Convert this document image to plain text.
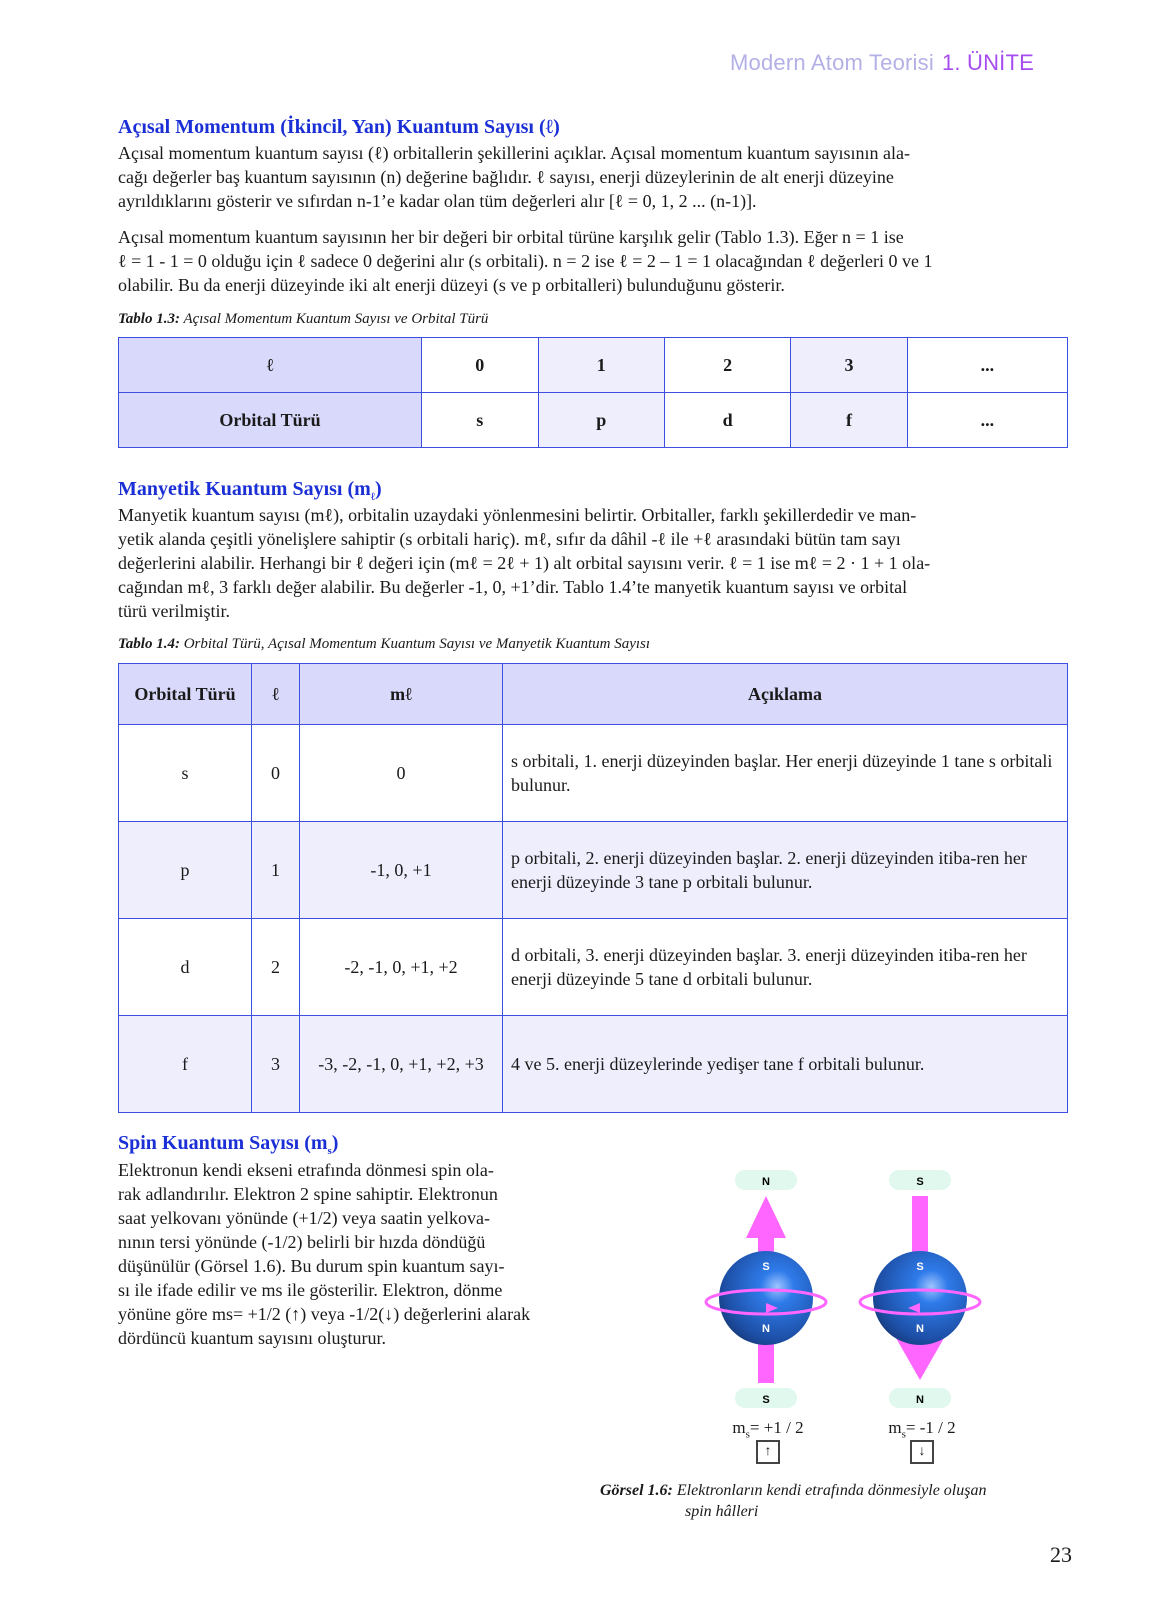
Modern Atom Teorisi 1. ÜNİTE
Açısal Momentum (İkincil, Yan) Kuantum Sayısı (ℓ)
Açısal momentum kuantum sayısı (ℓ) orbitallerin şekillerini açıklar. Açısal momentum kuantum sayısının ala-
cağı değerler baş kuantum sayısının (n) değerine bağlıdır. ℓ sayısı, enerji düzeylerinin de alt enerji düzeyine
ayrıldıklarını gösterir ve sıfırdan n-1’e kadar olan tüm değerleri alır [ℓ = 0, 1, 2 ... (n-1)].
Açısal momentum kuantum sayısının her bir değeri bir orbital türüne karşılık gelir (Tablo 1.3). Eğer n = 1 ise
ℓ = 1 - 1 = 0 olduğu için ℓ sadece 0 değerini alır (s orbitali). n = 2 ise ℓ = 2 – 1 = 1 olacağından ℓ değerleri 0 ve 1
olabilir. Bu da enerji düzeyinde iki alt enerji düzeyi (s ve p orbitalleri) bulunduğunu gösterir.
Tablo 1.3: Açısal Momentum Kuantum Sayısı ve Orbital Türü
ℓ	0	1	2	3	...
Orbital Türü	s	p	d	f	...
Manyetik Kuantum Sayısı $(m_\ell)$
Manyetik kuantum sayısı (mℓ), orbitalin uzaydaki yönlenmesini belirtir. Orbitaller, farklı şekillerdedir ve man-
yetik alanda çeşitli yönelişlere sahiptir (s orbitali hariç). mℓ, sıfır da dâhil -ℓ ile +ℓ arasındaki bütün tam sayı
değerlerini alabilir. Herhangi bir ℓ değeri için (mℓ = 2ℓ + 1) alt orbital sayısını verir. ℓ = 1 ise mℓ = 2 · 1 + 1 ola-
cağından mℓ, 3 farklı değer alabilir. Bu değerler -1, 0, +1’dir. Tablo 1.4’te manyetik kuantum sayısı ve orbital
türü verilmiştir.
Tablo 1.4: Orbital Türü, Açısal Momentum Kuantum Sayısı ve Manyetik Kuantum Sayısı
Orbital Türü	ℓ	mℓ	Açıklama
s	0	0	s orbitali, 1. enerji düzeyinden başlar. Her enerji düzeyinde 1 tane s orbitali bulunur.
p	1	-1, 0, +1	p orbitali, 2. enerji düzeyinden başlar. 2. enerji düzeyinden itiba-ren her enerji düzeyinde 3 tane p orbitali bulunur.
d	2	-2, -1, 0, +1, +2	d orbitali, 3. enerji düzeyinden başlar. 3. enerji düzeyinden itiba-ren her enerji düzeyinde 5 tane d orbitali bulunur.
f	3	-3, -2, -1, 0, +1, +2, +3	4 ve 5. enerji düzeylerinde yedişer tane f orbitali bulunur.
Spin Kuantum Sayısı $(m_s)$
Elektronun kendi ekseni etrafında dönmesi spin ola-
rak adlandırılır. Elektron 2 spine sahiptir. Elektronun
saat yelkovanı yönünde (+1/2) veya saatin yelkova-
nının tersi yönünde (-1/2) belirli bir hızda döndüğü
düşünülür (Görsel 1.6). Bu durum spin kuantum sayı-
sı ile ifade edilir ve ms ile gösterilir. Elektron, dönme
yönüne göre ms= +1/2 (↑) veya -1/2(↓) değerlerini alarak
dördüncü kuantum sayısını oluşturur.
N
S
N
S
S
S
N
N
$m_s= +1 / 2$
↑
$m_s= -1 / 2$
↓
Görsel 1.6: Elektronların kendi etrafında dönmesiyle oluşan
spin hâlleri
23
